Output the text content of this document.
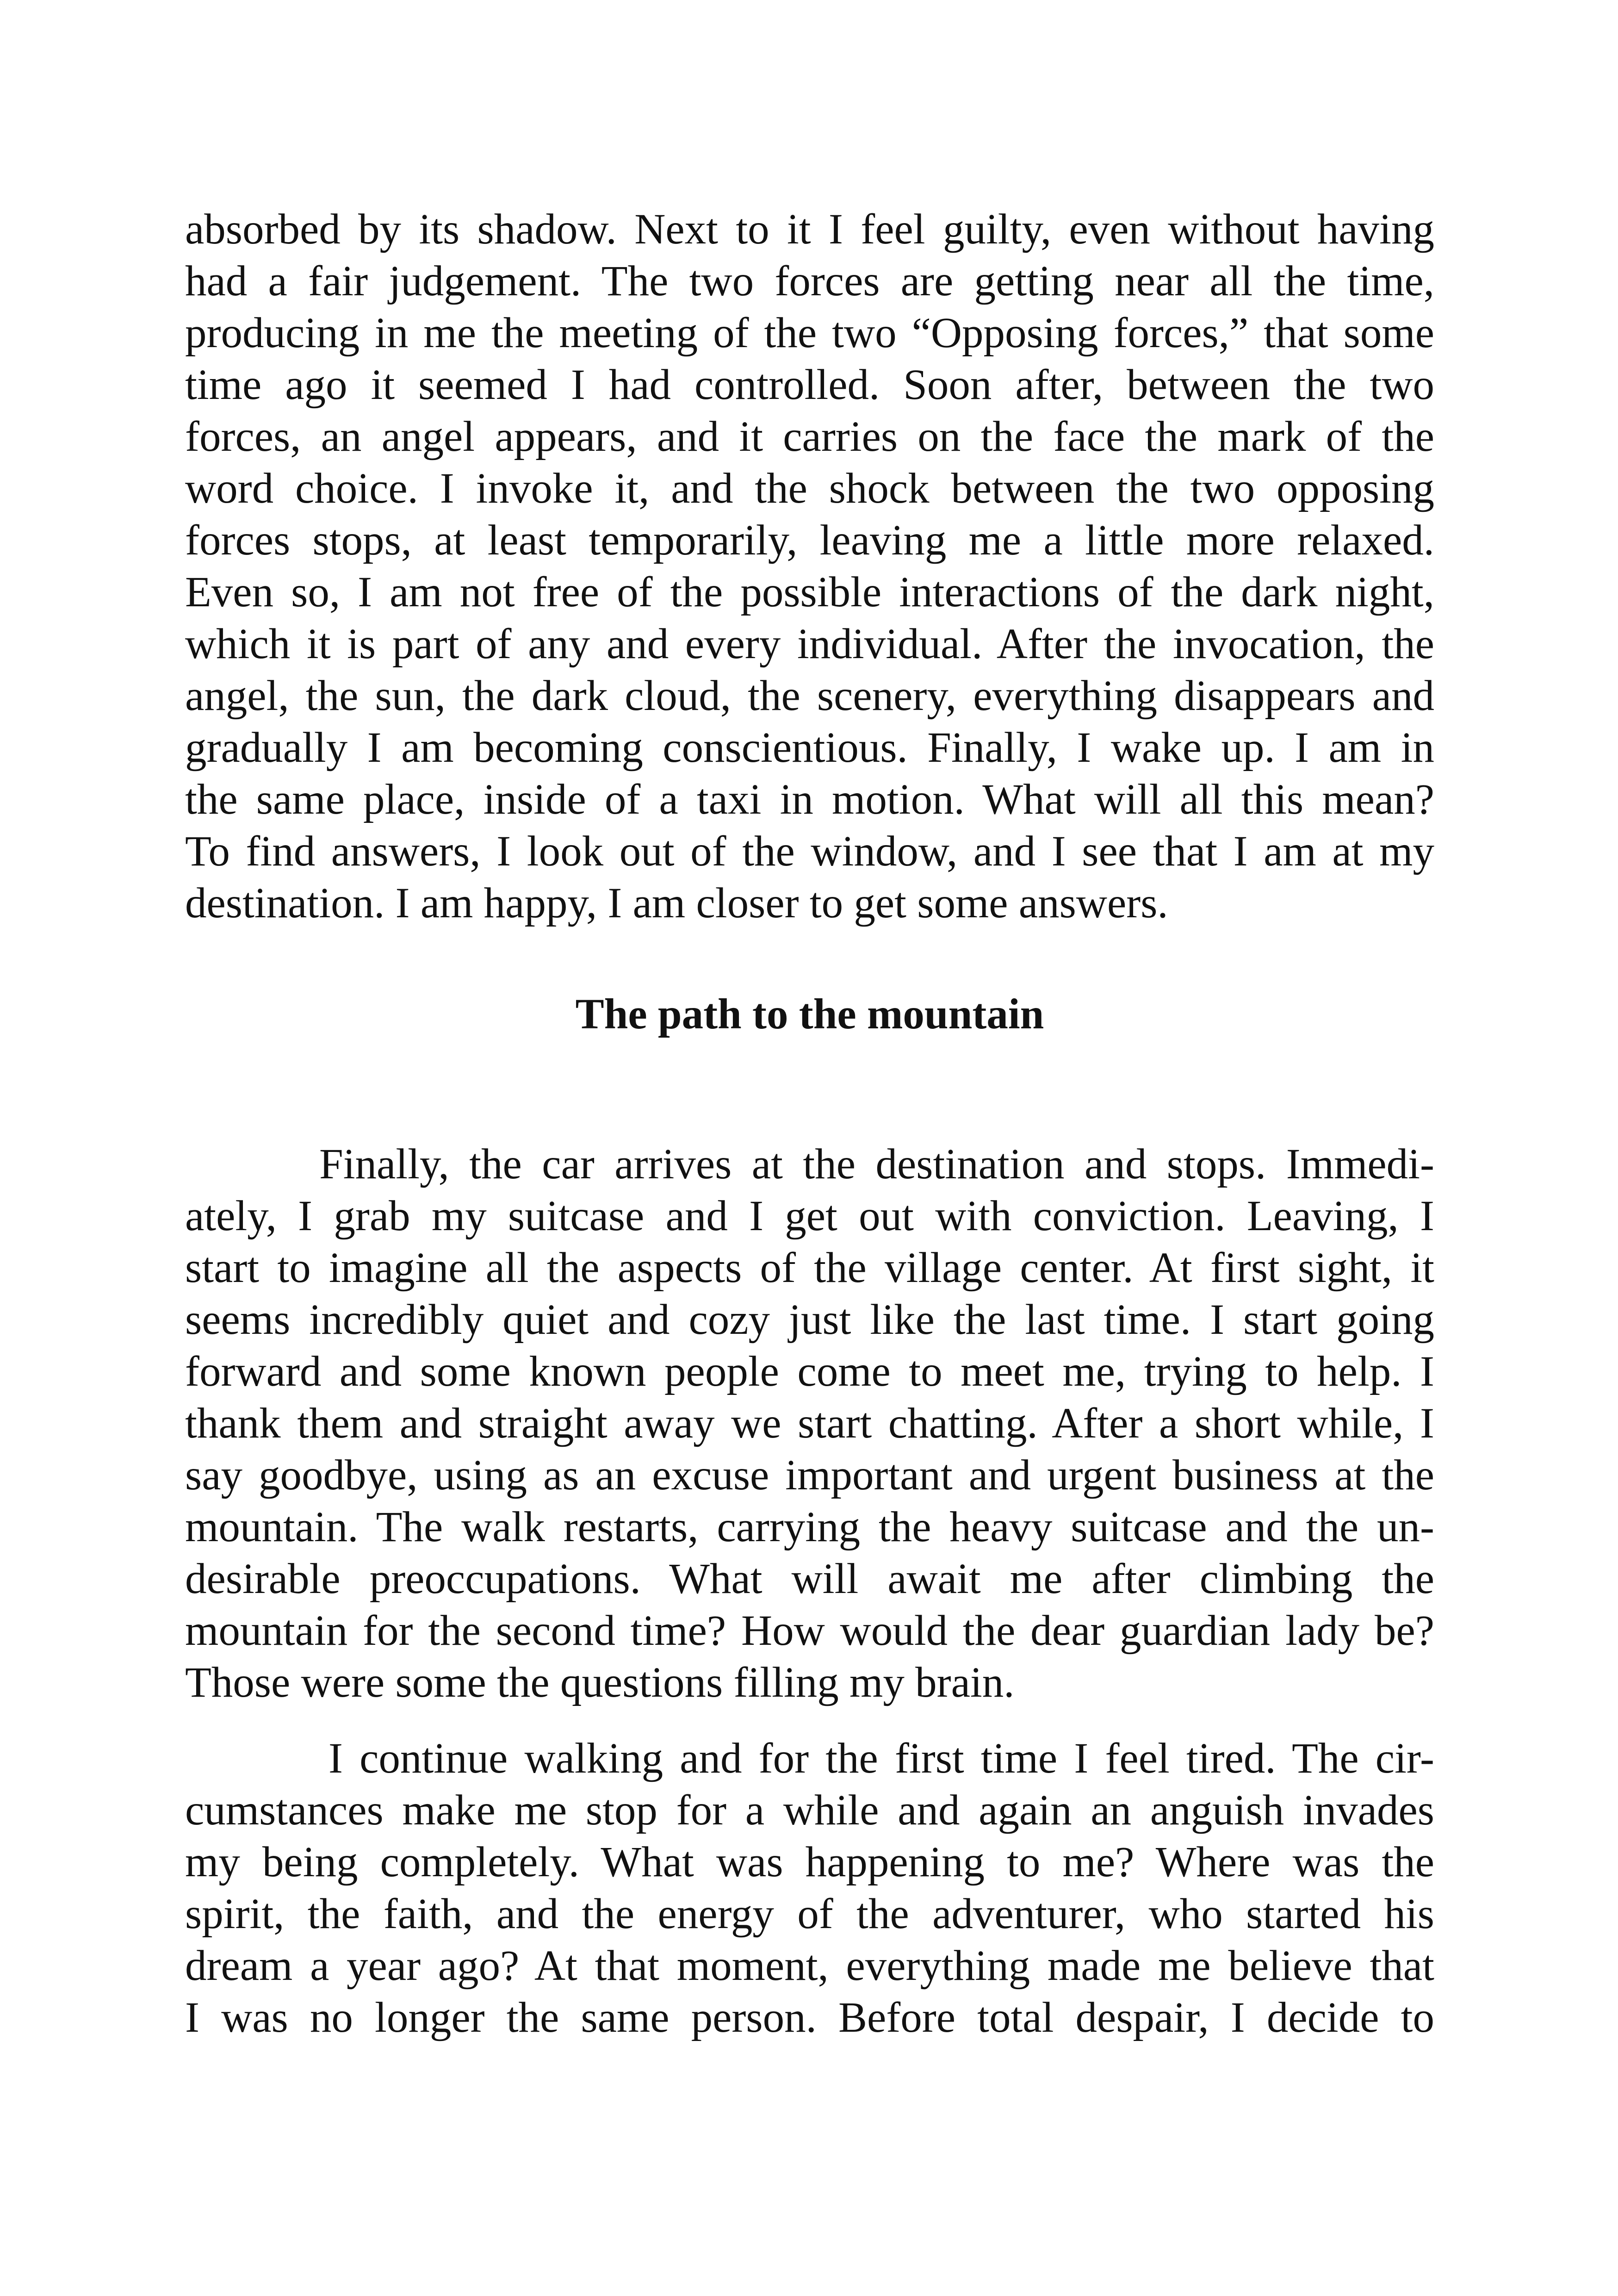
absorbed by its shadow. Next to it I feel guilty, even without having
had a fair judgement. The two forces are getting near all the time,
producing in me the meeting of the two “Opposing forces,” that some
time ago it seemed I had controlled. Soon after, between the two
forces, an angel appears, and it carries on the face the mark of the
word choice. I invoke it, and the shock between the two opposing
forces stops, at least temporarily, leaving me a little more relaxed.
Even so, I am not free of the possible interactions of the dark night,
which it is part of any and every individual. After the invocation, the
angel, the sun, the dark cloud, the scenery, everything disappears and
gradually I am becoming conscientious. Finally, I wake up. I am in
the same place, inside of a taxi in motion. What will all this mean?
To find answers, I look out of the window, and I see that I am at my
destination. I am happy, I am closer to get some answers.
The path to the mountain
Finally, the car arrives at the destination and stops. Immedi-
ately, I grab my suitcase and I get out with conviction. Leaving, I
start to imagine all the aspects of the village center. At first sight, it
seems incredibly quiet and cozy just like the last time. I start going
forward and some known people come to meet me, trying to help. I
thank them and straight away we start chatting. After a short while, I
say goodbye, using as an excuse important and urgent business at the
mountain. The walk restarts, carrying the heavy suitcase and the un-
desirable preoccupations. What will await me after climbing the
mountain for the second time? How would the dear guardian lady be?
Those were some the questions filling my brain.
I continue walking and for the first time I feel tired. The cir-
cumstances make me stop for a while and again an anguish invades
my being completely. What was happening to me? Where was the
spirit, the faith, and the energy of the adventurer, who started his
dream a year ago? At that moment, everything made me believe that
I was no longer the same person. Before total despair, I decide to
